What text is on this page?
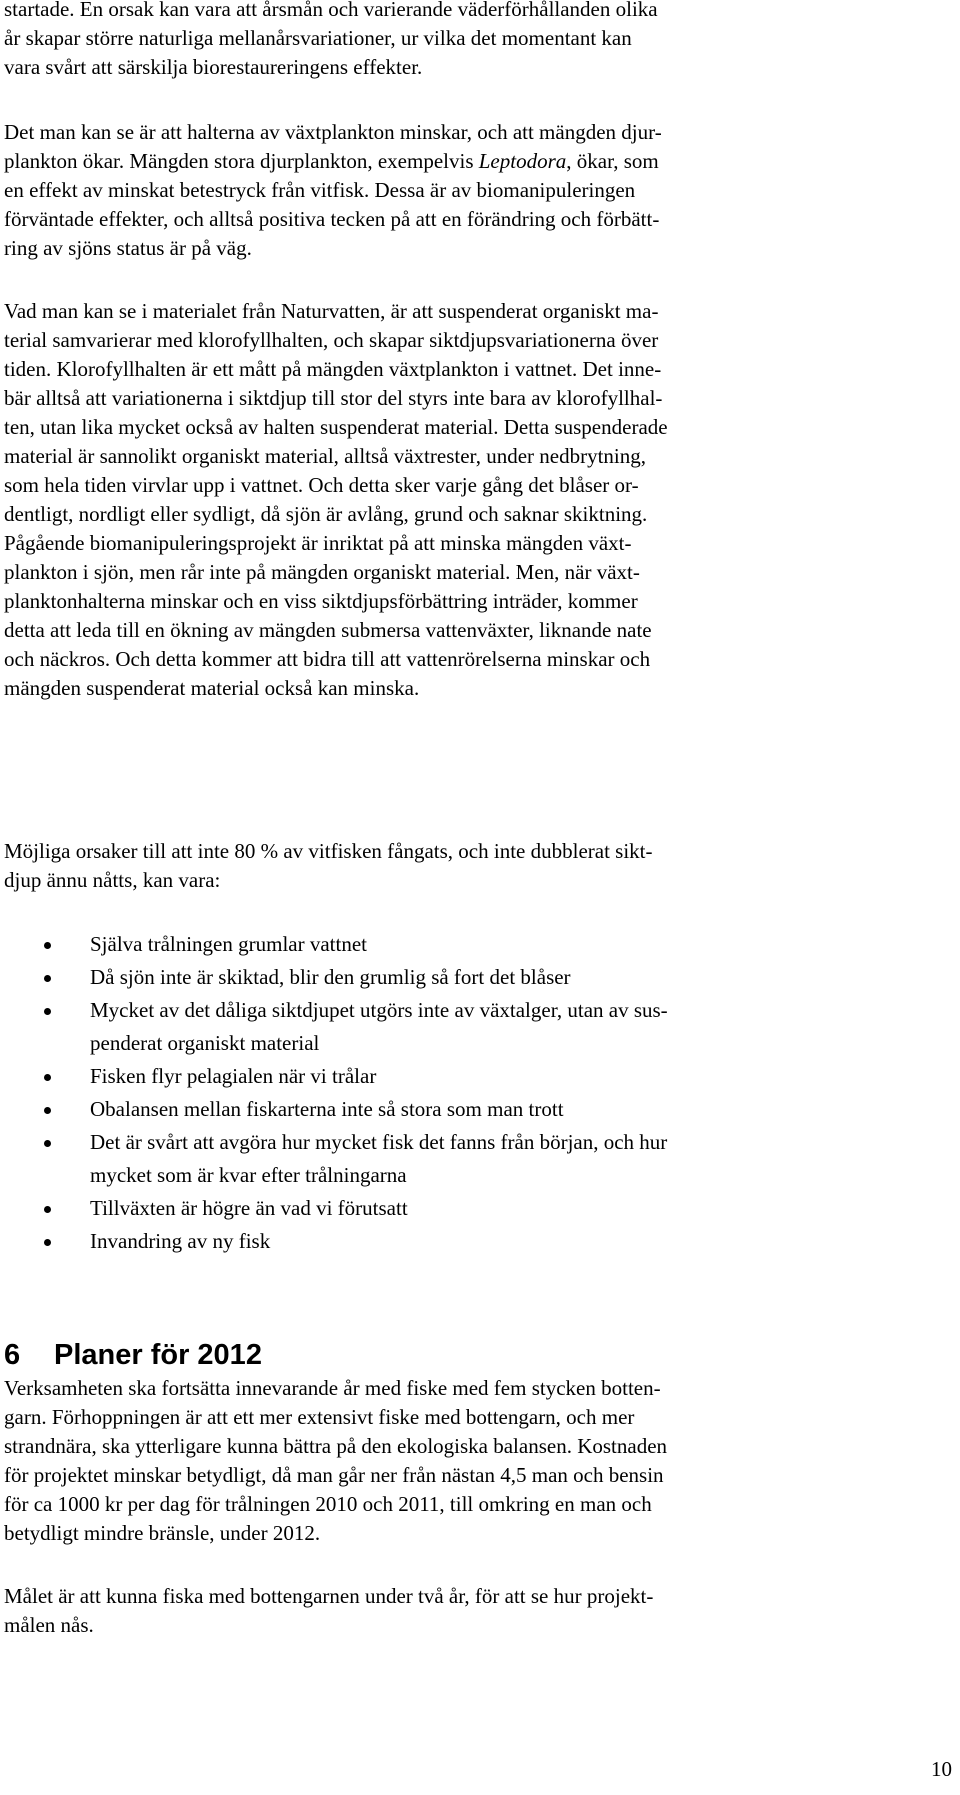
startade. En orsak kan vara att årsmån och varierande väderförhållanden olika
år skapar större naturliga mellanårsvariationer, ur vilka det momentant kan
vara svårt att särskilja biorestaureringens effekter.

Det man kan se är att halterna av växtplankton minskar, och att mängden djur-
plankton ökar. Mängden stora djurplankton, exempelvis Leptodora, ökar, som
en effekt av minskat betestryck från vitfisk. Dessa är av biomanipuleringen
förväntade effekter, och alltså positiva tecken på att en förändring och förbätt-
ring av sjöns status är på väg.

Vad man kan se i materialet från Naturvatten, är att suspenderat organiskt ma-
terial samvarierar med klorofyllhalten, och skapar siktdjupsvariationerna över
tiden. Klorofyllhalten är ett mått på mängden växtplankton i vattnet. Det inne-
bär alltså att variationerna i siktdjup till stor del styrs inte bara av klorofyllhal-
ten, utan lika mycket också av halten suspenderat material. Detta suspenderade
material är sannolikt organiskt material, alltså växtrester, under nedbrytning,
som hela tiden virvlar upp i vattnet. Och detta sker varje gång det blåser or-
dentligt, nordligt eller sydligt, då sjön är avlång, grund och saknar skiktning.
Pågående biomanipuleringsprojekt är inriktat på att minska mängden växt-
plankton i sjön, men rår inte på mängden organiskt material. Men, när växt-
planktonhalterna minskar och en viss siktdjupsförbättring inträder, kommer
detta att leda till en ökning av mängden submersa vattenväxter, liknande nate
och näckros. Och detta kommer att bidra till att vattenrörelserna minskar och
mängden suspenderat material också kan minska.

Möjliga orsaker till att inte 80 % av vitfisken fångats, och inte dubblerat sikt-
djup ännu nåtts, kan vara:

Själva trålningen grumlar vattnet
Då sjön inte är skiktad, blir den grumlig så fort det blåser
Mycket av det dåliga siktdjupet utgörs inte av växtalger, utan av sus-
penderat organiskt material
Fisken flyr pelagialen när vi trålar
Obalansen mellan fiskarterna inte så stora som man trott
Det är svårt att avgöra hur mycket fisk det fanns från början, och hur
mycket som är kvar efter trålningarna
Tillväxten är högre än vad vi förutsatt
Invandring av ny fisk
6 Planer för 2012

Verksamheten ska fortsätta innevarande år med fiske med fem stycken botten-
garn. Förhoppningen är att ett mer extensivt fiske med bottengarn, och mer
strandnära, ska ytterligare kunna bättra på den ekologiska balansen. Kostnaden
för projektet minskar betydligt, då man går ner från nästan 4,5 man och bensin
för ca 1000 kr per dag för trålningen 2010 och 2011, till omkring en man och
betydligt mindre bränsle, under 2012.

Målet är att kunna fiska med bottengarnen under två år, för att se hur projekt-
målen nås.

10
